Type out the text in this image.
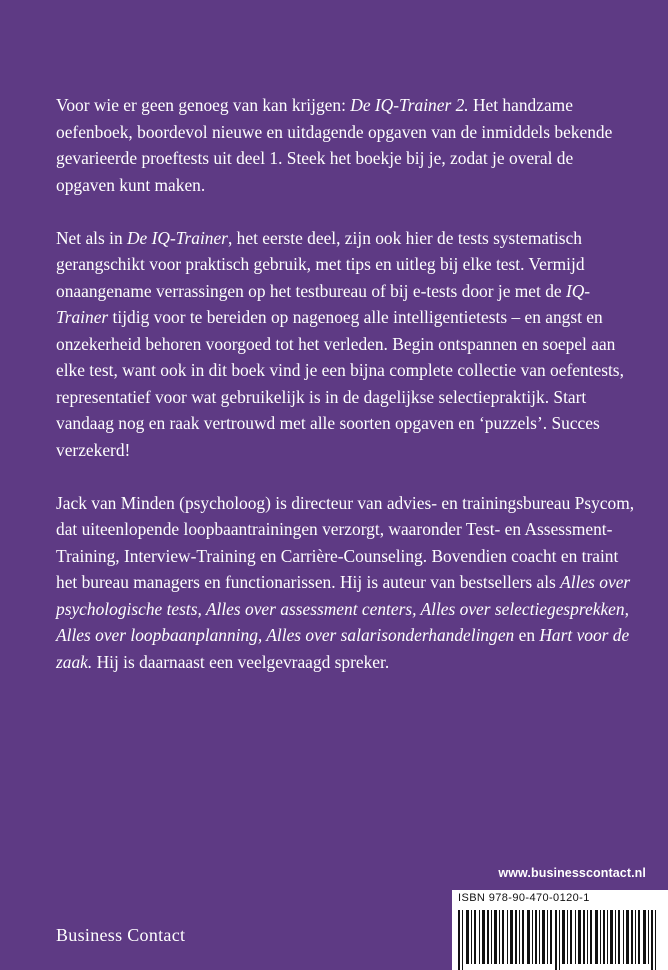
Voor wie er geen genoeg van kan krijgen: De IQ-Trainer 2. Het handzame oefenboek, boordevol nieuwe en uitdagende opgaven van de inmiddels bekende gevarieerde proeftests uit deel 1. Steek het boekje bij je, zodat je overal de opgaven kunt maken.

Net als in De IQ-Trainer, het eerste deel, zijn ook hier de tests systematisch gerangschikt voor praktisch gebruik, met tips en uitleg bij elke test. Vermijd onaangename verrassingen op het testbureau of bij e-tests door je met de IQ-Trainer tijdig voor te bereiden op nagenoeg alle intelligentietests – en angst en onzekerheid behoren voorgoed tot het verleden. Begin ontspannen en soepel aan elke test, want ook in dit boek vind je een bijna complete collectie van oefentests, representatief voor wat gebruikelijk is in de dagelijkse selectiepraktijk. Start vandaag nog en raak vertrouwd met alle soorten opgaven en ‘puzzels’. Succes verzekerd!

Jack van Minden (psycholoog) is directeur van advies- en trainingsbureau Psycom, dat uiteenlopende loopbaantrainingen verzorgt, waaronder Test- en Assessment-Training, Interview-Training en Carrière-Counseling. Bovendien coacht en traint het bureau managers en functionarissen. Hij is auteur van bestsellers als Alles over psychologische tests, Alles over assessment centers, Alles over selectiegesprekken, Alles over loopbaanplanning, Alles over salarisonderhandelingen en Hart voor de zaak. Hij is daarnaast een veelgevraagd spreker.

www.businesscontact.nl
ISBN 978-90-470-0120-1
Business Contact
